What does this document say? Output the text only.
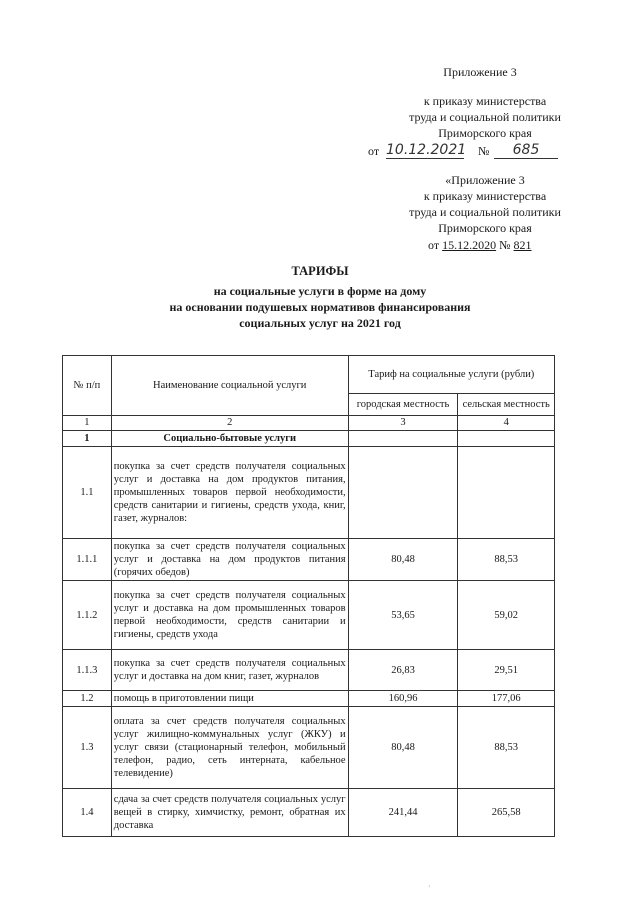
Приложение 3
к приказу министерства
труда и социальной политики
Приморского края
от 10.12.2021 №	685
«Приложение 3
к приказу министерства
труда и социальной политики
Приморского края
от 15.12.2020 № 821
ТАРИФЫ
на социальные услуги в форме на дому
на основании подушевых нормативов финансирования
социальных услуг на 2021 год
№ п/п	Наименование социальной услуги	Тариф на социальные услуги (рубли)	
		городская местность	сельская местность
1	2	3	4
1	Социально-бытовые услуги		
1.1	покупка за счет средств получателя социальных услуг и доставка на дом продуктов питания, промышленных товаров первой необходимости, средств санитарии и гигиены, средств ухода, книг, газет, журналов:		
1.1.1	покупка за счет средств получателя социальных услуг и доставка на дом продуктов питания (горячих обедов)	80,48	88,53
1.1.2	покупка за счет средств получателя социальных услуг и доставка на дом промышленных товаров первой необходимости, средств санитарии и гигиены, средств ухода	53,65	59,02
1.1.3	покупка за счет средств получателя социальных услуг и доставка на дом книг, газет, журналов	26,83	29,51
1.2	помощь в приготовлении пищи	160,96	177,06
1.3	оплата за счет средств получателя социальных услуг жилищно-коммунальных услуг (ЖКУ) и услуг связи (стационарный телефон, мобильный телефон, радио, сеть интерната, кабельное телевидение)	80,48	88,53
1.4	сдача за счет средств получателя социальных услуг вещей в стирку, химчистку, ремонт, обратная их доставка	241,44	265,58
·
